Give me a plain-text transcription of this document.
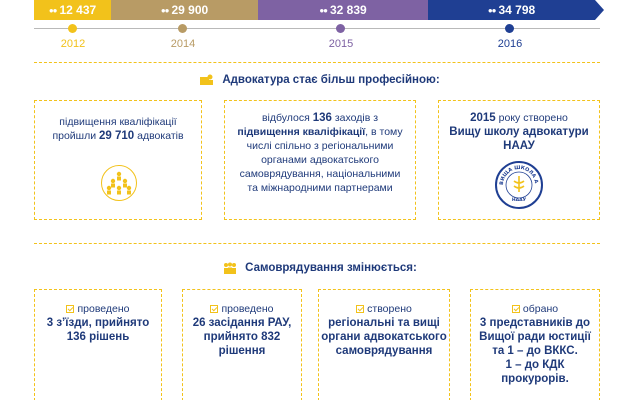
●● 12 437	●● 29 900	●● 32 839	●● 34 798
2012	2014	2015	2016
Адвокатура стає більш професійною:
підвищення кваліфікації
пройшли 29 710 адвокатів
відбулося 136 заходів з
підвищення кваліфікації, в тому
числі спільно з регіональними
органами адвокатського
самоврядування, національними
та міжнародними партнерами
2015 року створено
Вищу школу адвокатури
НААУ
ВИЩА ШКОЛА А
НААУ
Самоврядування змінюється:
проведено
3 з’їзди, прийнято
136 рішень
проведено
26 засідання РАУ,
прийнято 832
рішення
створено
регіональні та вищі
органи адвокатського
самоврядування
обрано
3 представників до
Вищої ради юстиції
та 1 – до ВККС.
1 – до КДК
прокурорів.
